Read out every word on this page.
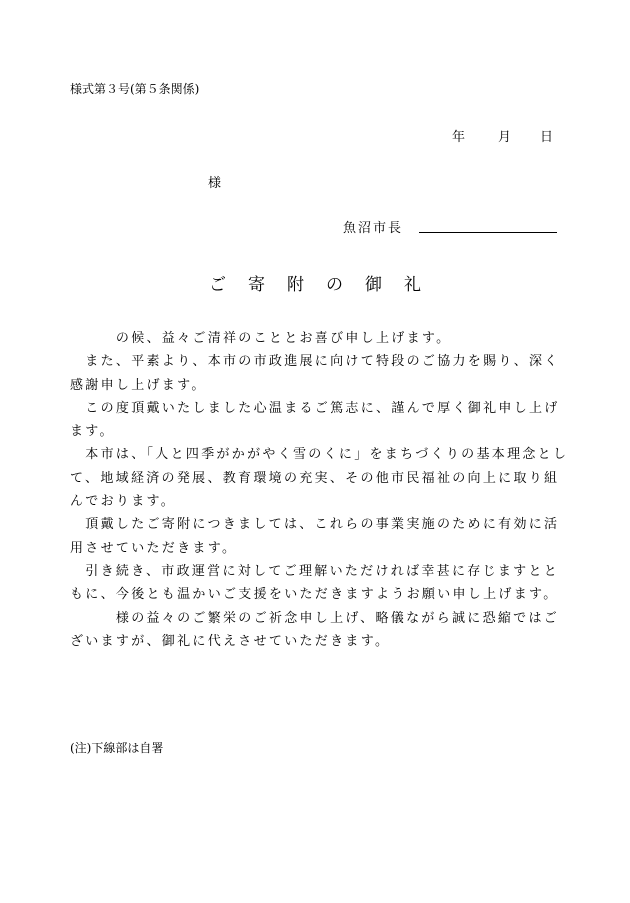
様式第３号(第５条関係)
年	月	日
様
魚沼市長
ご寄附の御礼
　　　の候、益々ご清祥のこととお喜び申し上げます。
　また、平素より、本市の市政進展に向けて特段のご協力を賜り、深く
感謝申し上げます。
　この度頂戴いたしました心温まるご篤志に、謹んで厚く御礼申し上げ
ます。
　本市は、「人と四季がかがやく雪のくに」をまちづくりの基本理念とし
て、地域経済の発展、教育環境の充実、その他市民福祉の向上に取り組
んでおります。
　頂戴したご寄附につきましては、これらの事業実施のために有効に活
用させていただきます。
　引き続き、市政運営に対してご理解いただければ幸甚に存じますとと
もに、今後とも温かいご支援をいただきますようお願い申し上げます。
　　　様の益々のご繁栄のご祈念申し上げ、略儀ながら誠に恐縮ではご
ざいますが、御礼に代えさせていただきます。
(注)下線部は自署
